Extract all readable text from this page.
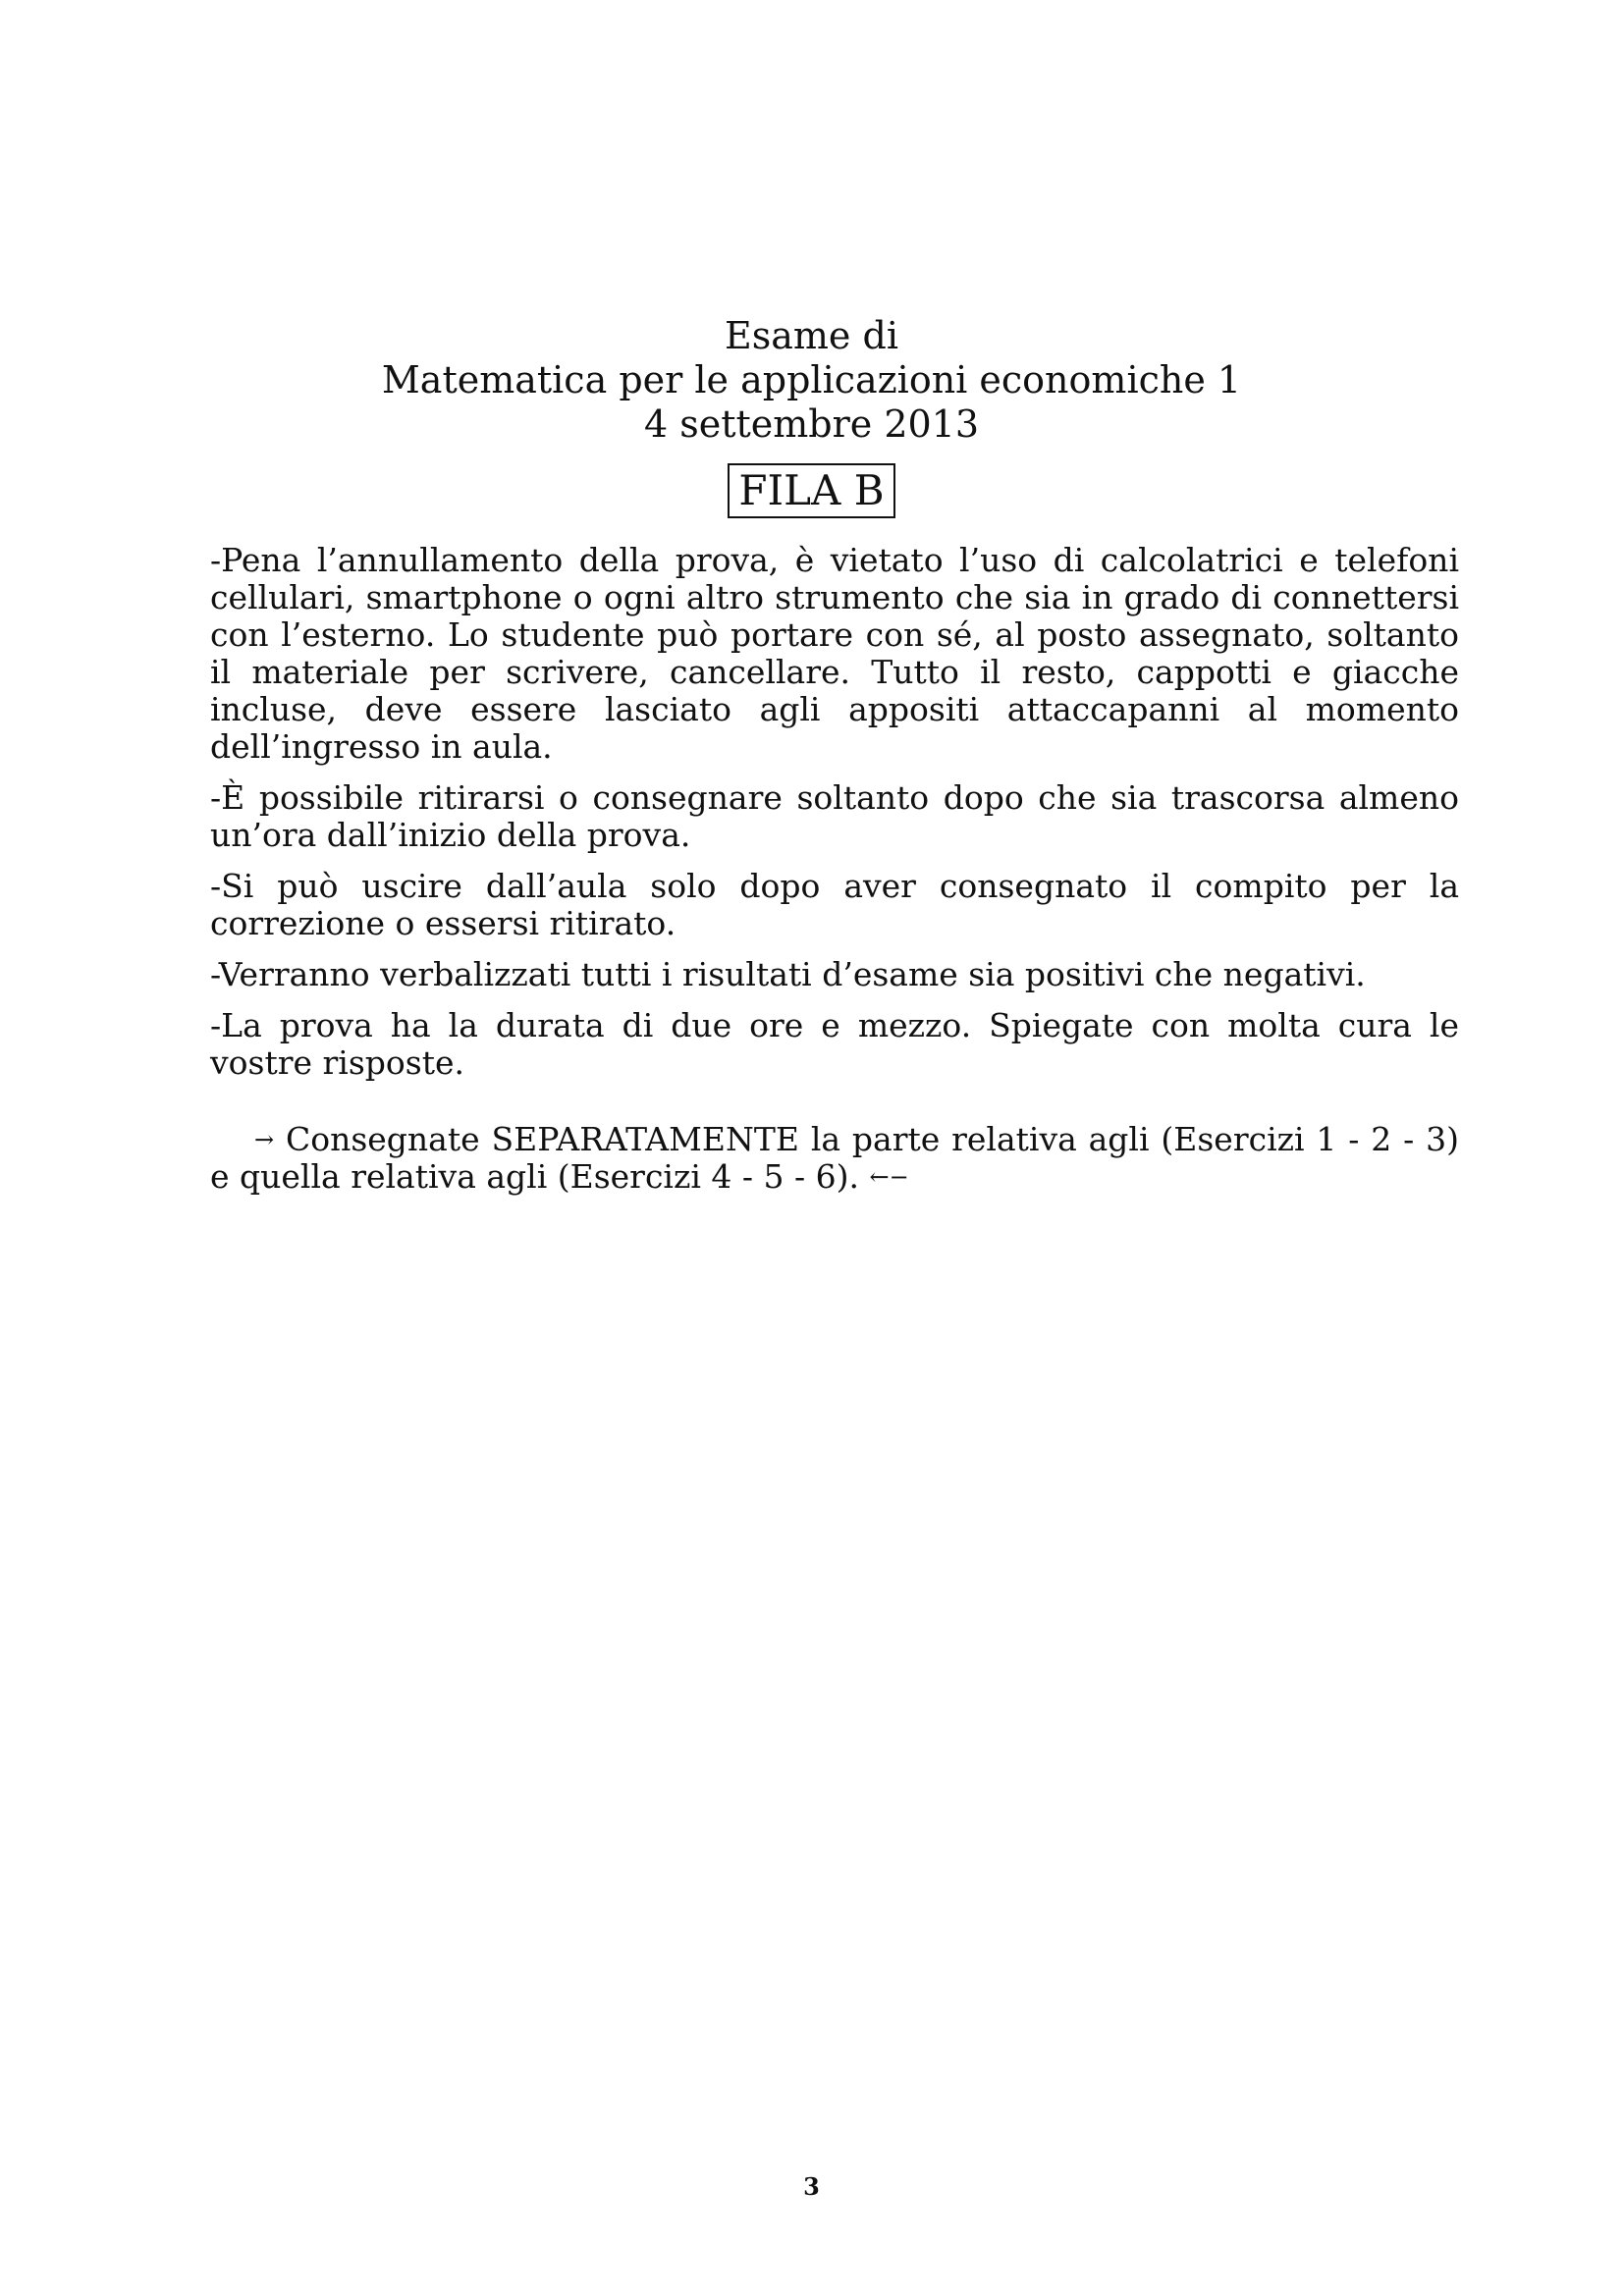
Esame di
Matematica per le applicazioni economiche 1
4 settembre 2013
FILA B

-Pena l’annullamento della prova, è vietato l’uso di calcolatrici e telefoni cellulari, smartphone o ogni altro strumento che sia in grado di connettersi con l’esterno. Lo studente può portare con sé, al posto assegnato, soltanto il materiale per scrivere, cancellare. Tutto il resto, cappotti e giacche incluse, deve essere lasciato agli appositi attaccapanni al momento dell’ingresso in aula.

-È possibile ritirarsi o consegnare soltanto dopo che sia trascorsa almeno un’ora dall’inizio della prova.

-Si può uscire dall’aula solo dopo aver consegnato il compito per la correzione o essersi ritirato.

-Verranno verbalizzati tutti i risultati d’esame sia positivi che negativi.

-La prova ha la durata di due ore e mezzo. Spiegate con molta cura le vostre risposte.

→ Consegnate SEPARATAMENTE la parte relativa agli (Esercizi 1 - 2 - 3) e quella relativa agli (Esercizi 4 - 5 - 6). ←−

3
